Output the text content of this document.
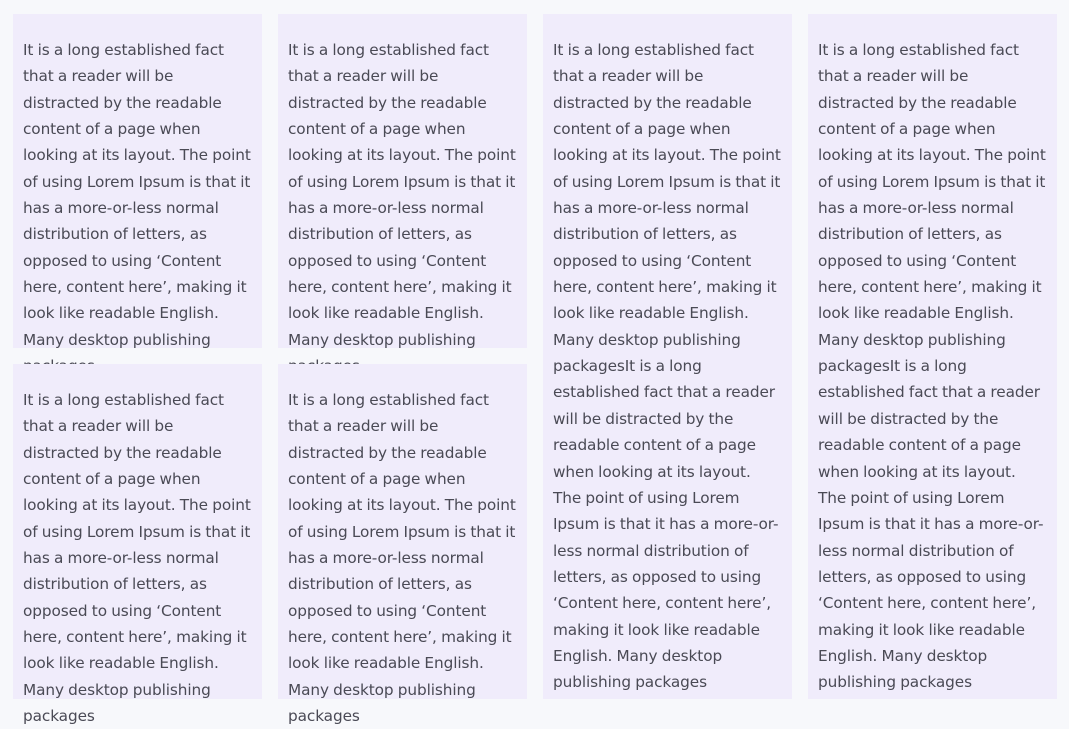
It is a long established fact that a reader will be distracted by the readable content of a page when looking at its layout. The point of using Lorem Ipsum is that it has a more-or-less normal distribution of letters, as opposed to using ‘Content here, content here’, making it look like readable English. Many desktop publishing

It is a long established fact that a reader will be distracted by the readable content of a page when looking at its layout. The point of using Lorem Ipsum is that it has a more-or-less normal distribution of letters, as opposed to using ‘Content here, content here’, making it look like readable English. Many desktop publishing

It is a long established fact that a reader will be distracted by the readable content of a page when looking at its layout. The point of using Lorem Ipsum is that it has a more-or-less normal distribution of letters, as opposed to using ‘Content here, content here’, making it look like readable English. Many desktop publishing packagesIt is a long established fact that a reader will be distracted by the readable content of a page when looking at its layout. The point of using Lorem Ipsum is that it has a more-or-less normal distribution of letters, as opposed to using ‘Content here, content here’, making it look like readable English. Many desktop publishing packages

It is a long established fact that a reader will be distracted by the readable content of a page when looking at its layout. The point of using Lorem Ipsum is that it has a more-or-less normal distribution of letters, as opposed to using ‘Content here, content here’, making it look like readable English. Many desktop publishing packagesIt is a long established fact that a reader will be distracted by the readable content of a page when looking at its layout. The point of using Lorem Ipsum is that it has a more-or-less normal distribution of letters, as opposed to using ‘Content here, content here’, making it look like readable English. Many desktop publishing packages

It is a long established fact that a reader will be distracted by the readable content of a page when looking at its layout. The point of using Lorem Ipsum is that it has a more-or-less normal distribution of letters, as opposed to using ‘Content here, content here’, making it look like readable English. Many desktop publishing packages

It is a long established fact that a reader will be distracted by the readable content of a page when looking at its layout. The point of using Lorem Ipsum is that it has a more-or-less normal distribution of letters, as opposed to using ‘Content here, content here’, making it look like readable English. Many desktop publishing packages
